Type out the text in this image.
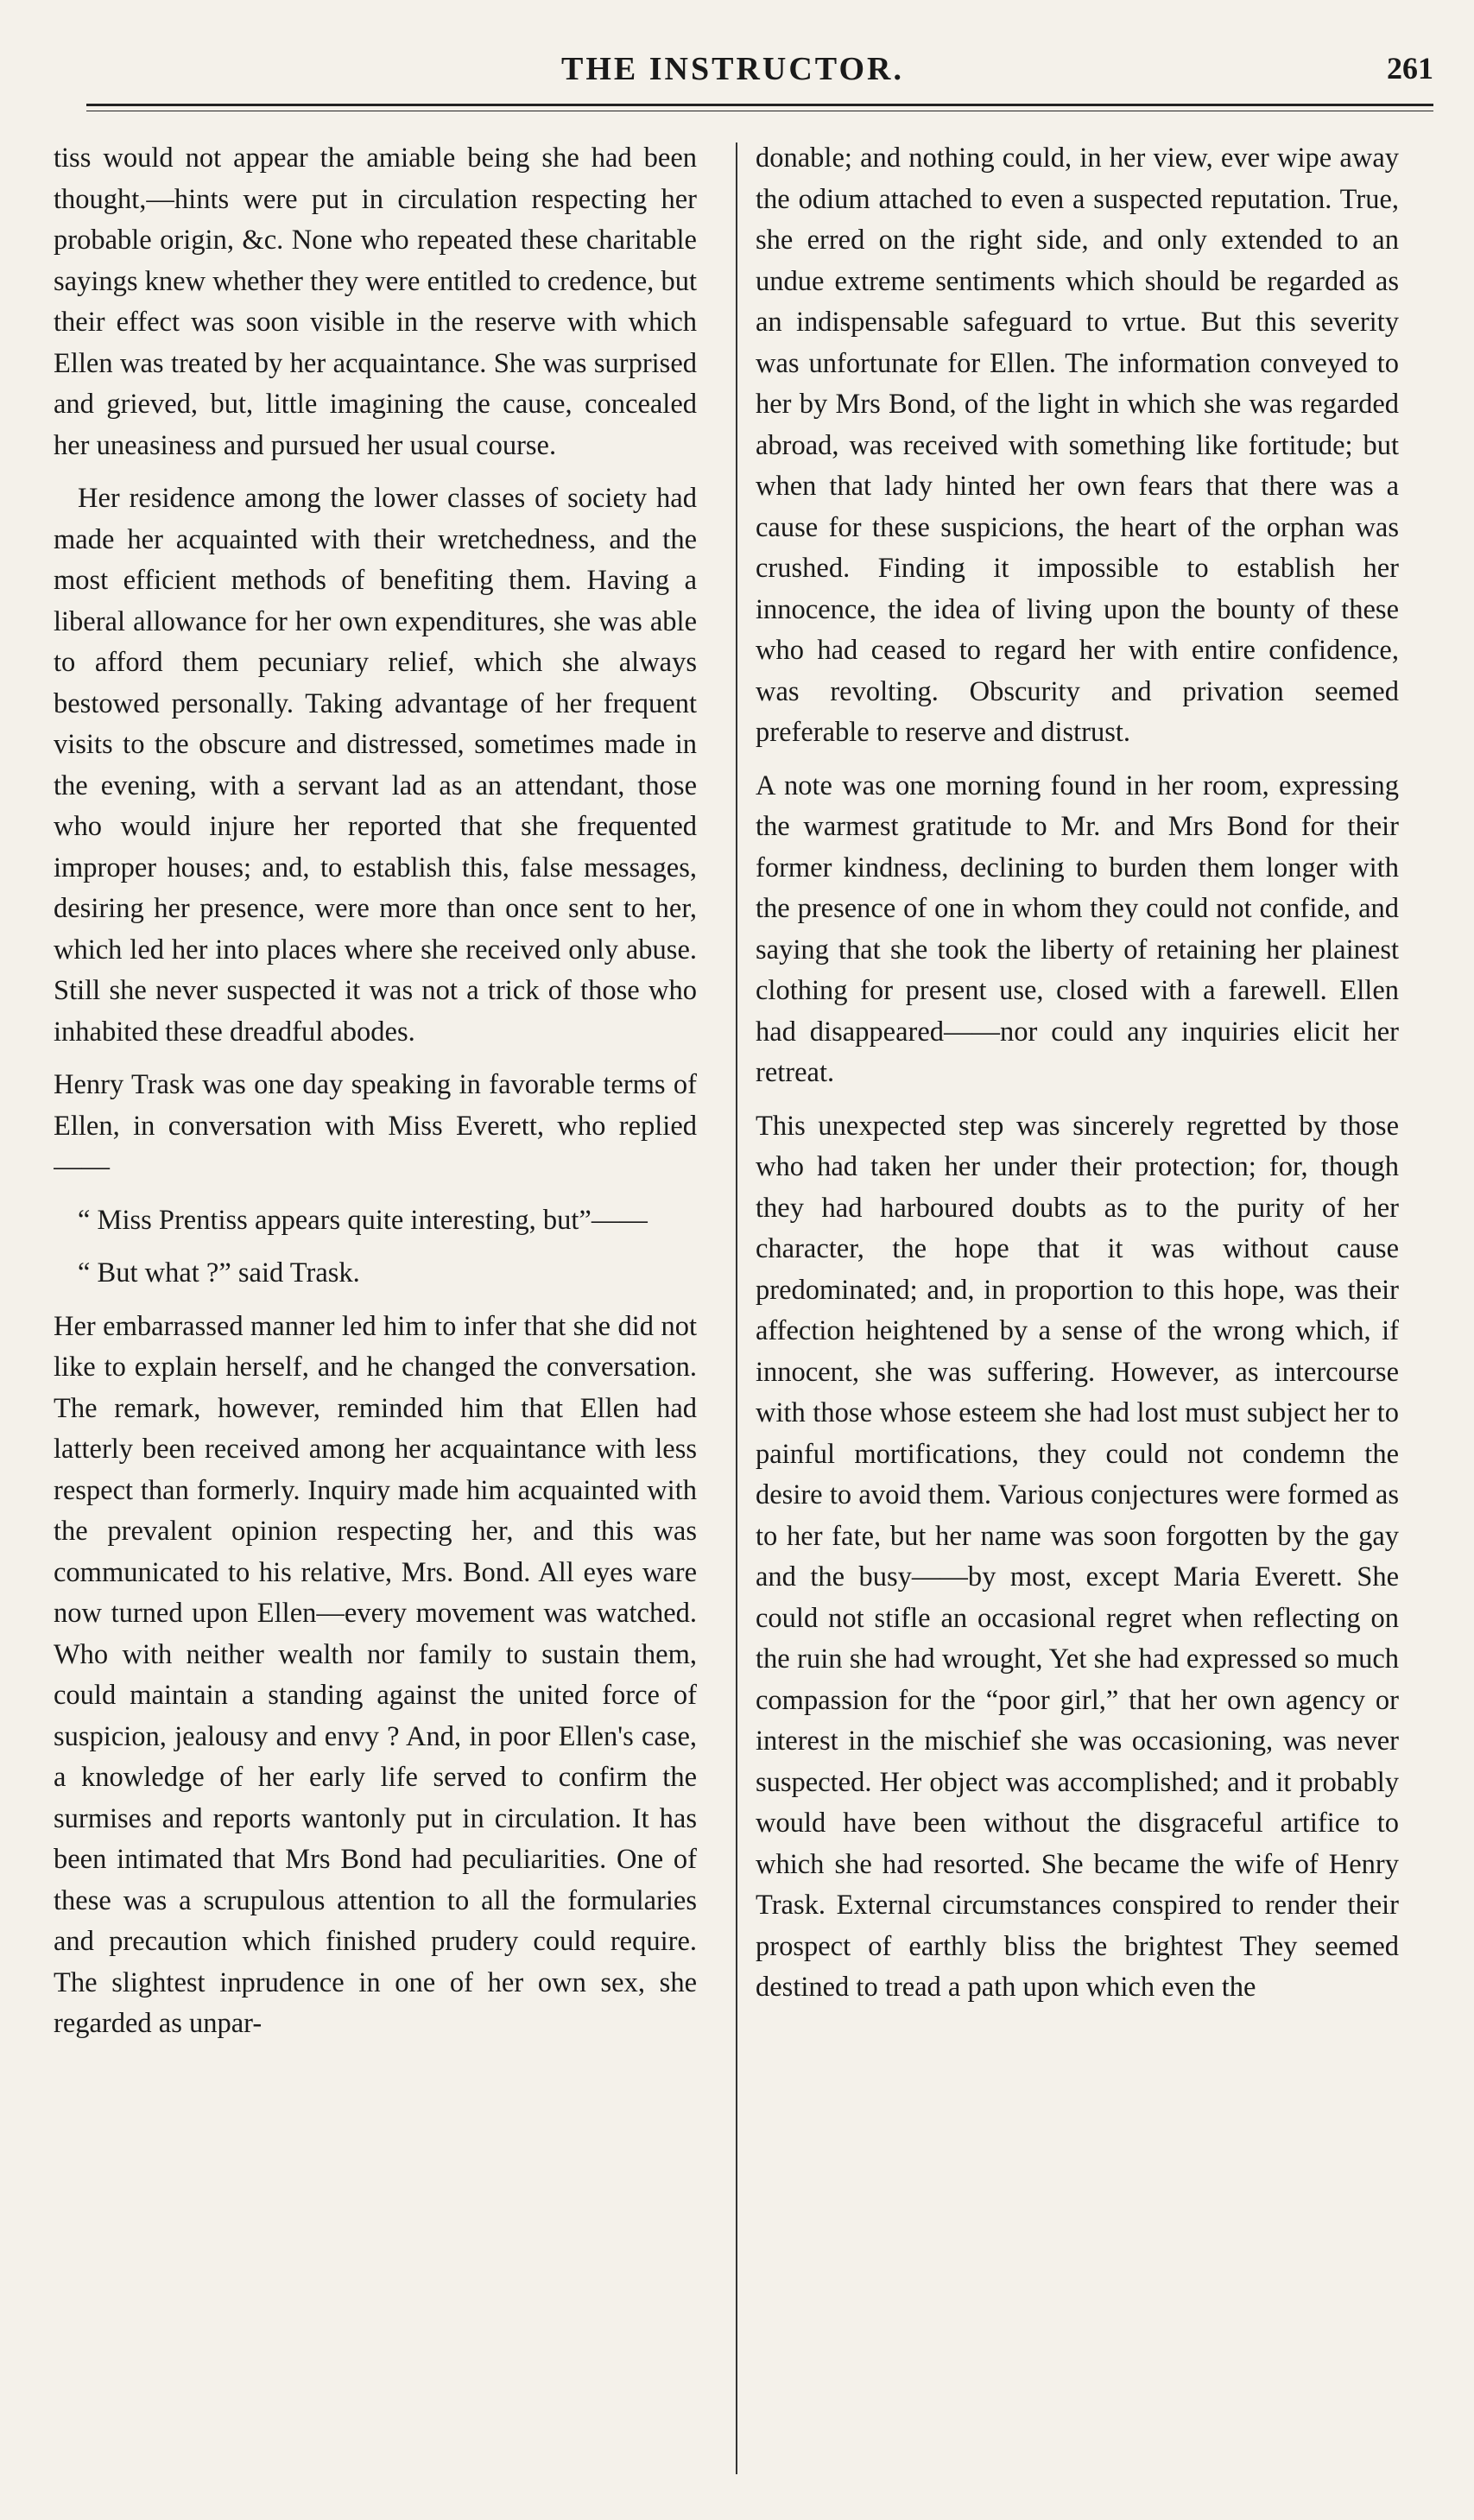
THE INSTRUCTOR.	261

tiss would not appear the amiable being she had been thought,—hints were put in circulation respecting her probable origin, &c. None who repeated these charitable sayings knew whether they were entitled to credence, but their effect was soon visible in the reserve with which Ellen was treated by her acquaintance. She was surprised and grieved, but, little imagining the cause, concealed her uneasiness and pursued her usual course.

Her residence among the lower classes of society had made her acquainted with their wretchedness, and the most efficient methods of benefiting them. Having a liberal allowance for her own expenditures, she was able to afford them pecuniary relief, which she always bestowed personally. Taking advantage of her frequent visits to the obscure and distressed, sometimes made in the evening, with a servant lad as an attendant, those who would injure her reported that she frequented improper houses; and, to establish this, false messages, desiring her presence, were more than once sent to her, which led her into places where she received only abuse. Still she never suspected it was not a trick of those who inhabited these dreadful abodes.

Henry Trask was one day speaking in favorable terms of Ellen, in conversation with Miss Everett, who replied——

“ Miss Prentiss appears quite interesting, but”——

“ But what ?” said Trask.

Her embarrassed manner led him to infer that she did not like to explain herself, and he changed the conversation. The remark, however, reminded him that Ellen had latterly been received among her acquaintance with less respect than formerly. Inquiry made him acquainted with the prevalent opinion respecting her, and this was communicated to his relative, Mrs. Bond. All eyes ware now turned upon Ellen—every movement was watched. Who with neither wealth nor family to sustain them, could maintain a standing against the united force of suspicion, jealousy and envy ? And, in poor Ellen's case, a knowledge of her early life served to confirm the surmises and reports wantonly put in circulation. It has been intimated that Mrs Bond had peculiarities. One of these was a scrupulous attention to all the formularies and precaution which finished prudery could require. The slightest inprudence in one of her own sex, she regarded as unpar-

donable; and nothing could, in her view, ever wipe away the odium attached to even a suspected reputation. True, she erred on the right side, and only extended to an undue extreme sentiments which should be regarded as an indispensable safeguard to vrtue. But this severity was unfortunate for Ellen. The information conveyed to her by Mrs Bond, of the light in which she was regarded abroad, was received with something like fortitude; but when that lady hinted her own fears that there was a cause for these suspicions, the heart of the orphan was crushed. Finding it impossible to establish her innocence, the idea of living upon the bounty of these who had ceased to regard her with entire confidence, was revolting. Obscurity and privation seemed preferable to reserve and distrust.

A note was one morning found in her room, expressing the warmest gratitude to Mr. and Mrs Bond for their former kindness, declining to burden them longer with the presence of one in whom they could not confide, and saying that she took the liberty of retaining her plainest clothing for present use, closed with a farewell. Ellen had disappeared——nor could any inquiries elicit her retreat.

This unexpected step was sincerely regretted by those who had taken her under their protection; for, though they had harboured doubts as to the purity of her character, the hope that it was without cause predominated; and, in proportion to this hope, was their affection heightened by a sense of the wrong which, if innocent, she was suffering. However, as intercourse with those whose esteem she had lost must subject her to painful mortifications, they could not condemn the desire to avoid them. Various conjectures were formed as to her fate, but her name was soon forgotten by the gay and the busy——by most, except Maria Everett. She could not stifle an occasional regret when reflecting on the ruin she had wrought, Yet she had expressed so much compassion for the “poor girl,” that her own agency or interest in the mischief she was occasioning, was never suspected. Her object was accomplished; and it probably would have been without the disgraceful artifice to which she had resorted. She became the wife of Henry Trask. External circumstances conspired to render their prospect of earthly bliss the brightest They seemed destined to tread a path upon which even the
